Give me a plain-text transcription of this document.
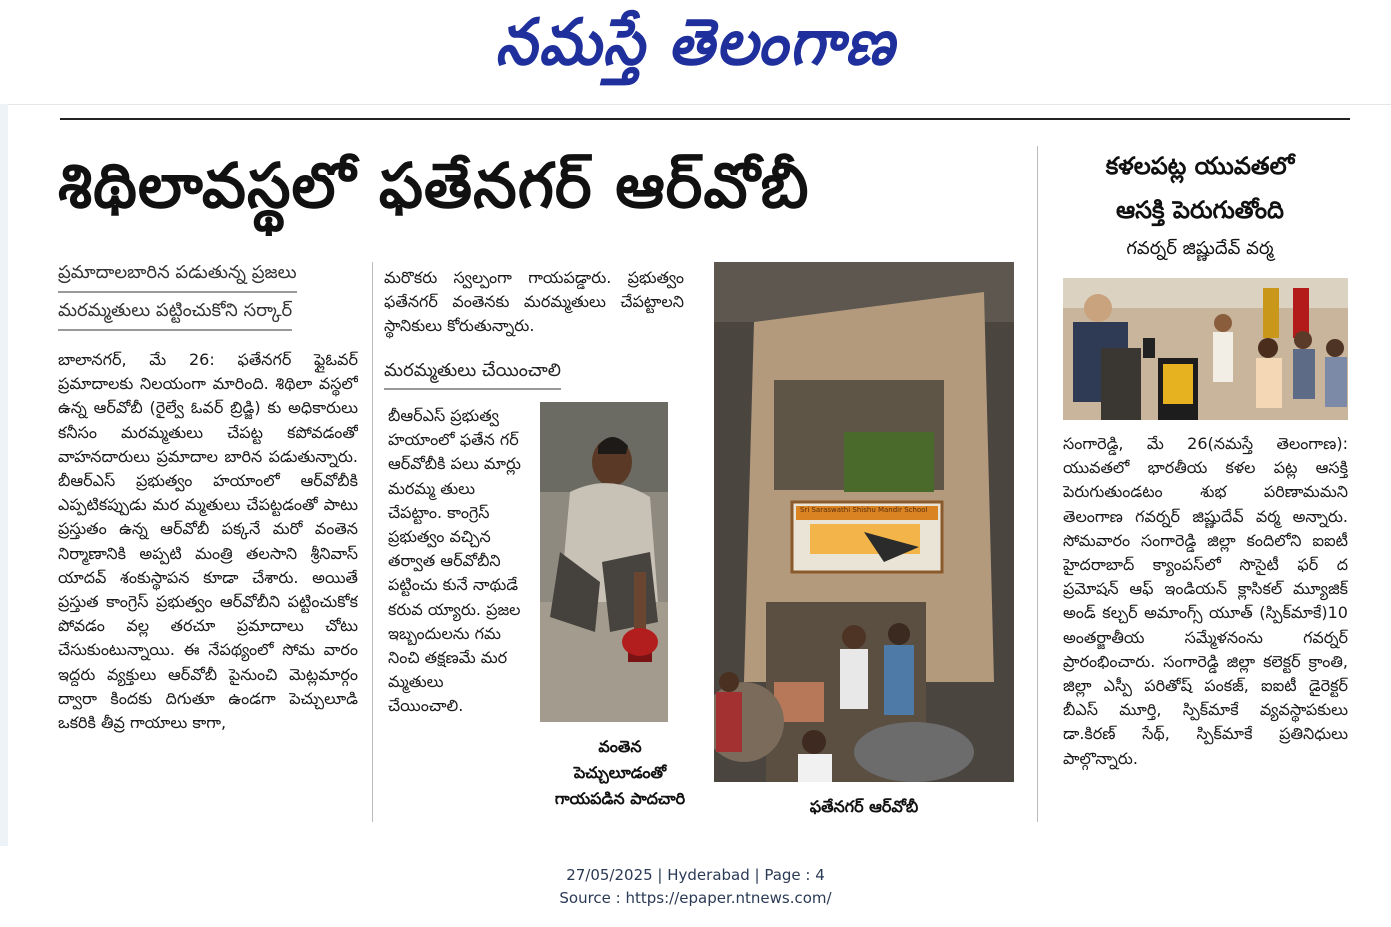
నమస్తే తెలంగాణ
శిథిలావస్థలో ఫతేనగర్ ఆర్‌వోబీ
ప్రమాదాలబారిన పడుతున్న ప్రజలు
మరమ్మతులు పట్టించుకోని సర్కార్

బాలానగర్, మే 26: ఫతేనగర్ ఫ్లైఓవర్ ప్రమాదాలకు నిలయంగా మారింది. శిథిలా వస్థలో ఉన్న ఆర్‌వోబీ (రైల్వే ఓవర్ బ్రిడ్జి) కు అధికారులు కనీసం మరమ్మతులు చేపట్ట కపోవడంతో వాహనదారులు ప్రమాదాల బారిన పడుతున్నారు. బీఆర్‌ఎస్ ప్రభుత్వం హయాంలో ఆర్‌వోబీకి ఎప్పటికప్పుడు మర మ్మతులు చేపట్టడంతో పాటు ప్రస్తుతం ఉన్న ఆర్‌వోబీ పక్కనే మరో వంతెన నిర్మాణానికి అప్పటి మంత్రి తలసాని శ్రీనివాస్ యాదవ్ శంకుస్థాపన కూడా చేశారు. అయితే ప్రస్తుత కాంగ్రెస్ ప్రభుత్వం ఆర్‌వోబీని పట్టించుకోక పోవడం వల్ల తరచూ ప్రమాదాలు చోటు చేసుకుంటున్నాయి. ఈ నేపథ్యంలో సోమ వారం ఇద్దరు వ్యక్తులు ఆర్‌వోబీ పైనుంచి మెట్లమార్గం ద్వారా కిందకు దిగుతూ ఉండగా పెచ్చులూడి ఒకరికి తీవ్ర గాయాలు కాగా,

మరొకరు స్వల్పంగా గాయపడ్డారు. ప్రభుత్వం ఫతేనగర్ వంతెనకు మరమ్మతులు చేపట్టాలని స్థానికులు కోరుతున్నారు.

మరమ్మతులు చేయించాలి

బీఆర్‌ఎస్ ప్రభుత్వ హయాంలో ఫతేన గర్ ఆర్‌వోబీకి పలు మార్లు మరమ్మ తులు చేపట్టాం. కాంగ్రెస్ ప్రభుత్వం వచ్చిన తర్వాత ఆర్‌వోబీని పట్టించు కునే నాథుడే కరువ య్యారు. ప్రజల ఇబ్బందులను గమ నించి తక్షణమే మర మ్మతులు చేయించాలి.

వంతెన
పెచ్చులూడంతో
గాయపడిన పాదచారి
Sri Saraswathi Shishu Mandir School
ఫతేనగర్ ఆర్‌వోబీ
కళలపట్ల యువతలో
ఆసక్తి పెరుగుతోంది
గవర్నర్ జిష్ణుదేవ్ వర్మ

సంగారెడ్డి, మే 26(నమస్తే తెలంగాణ): యువతలో భారతీయ కళల పట్ల ఆసక్తి పెరుగుతుండటం శుభ పరిణామమని తెలంగాణ గవర్నర్ జిష్ణుదేవ్ వర్మ అన్నారు. సోమవారం సంగారెడ్డి జిల్లా కందిలోని ఐఐటీ హైదరాబాద్ క్యాంపస్‌లో సొసైటీ ఫర్ ద ప్రమోషన్ ఆఫ్ ఇండియన్ క్లాసికల్ మ్యూజిక్ అండ్ కల్చర్ అమాంగ్స్ యూత్ (స్పిక్‌మాకే)10 అంతర్జాతీయ సమ్మేళనంను గవర్నర్ ప్రారంభించారు. సంగారెడ్డి జిల్లా కలెక్టర్ క్రాంతి, జిల్లా ఎస్పీ పరితోష్ పంకజ్, ఐఐటీ డైరెక్టర్ బీఎస్ మూర్తి, స్పిక్‌మాకే వ్యవస్థాపకులు డా.కిరణ్ సేథ్, స్పిక్‌మాకే ప్రతినిధులు పాల్గొన్నారు.

27/05/2025 | Hyderabad | Page : 4
Source : https://epaper.ntnews.com/
